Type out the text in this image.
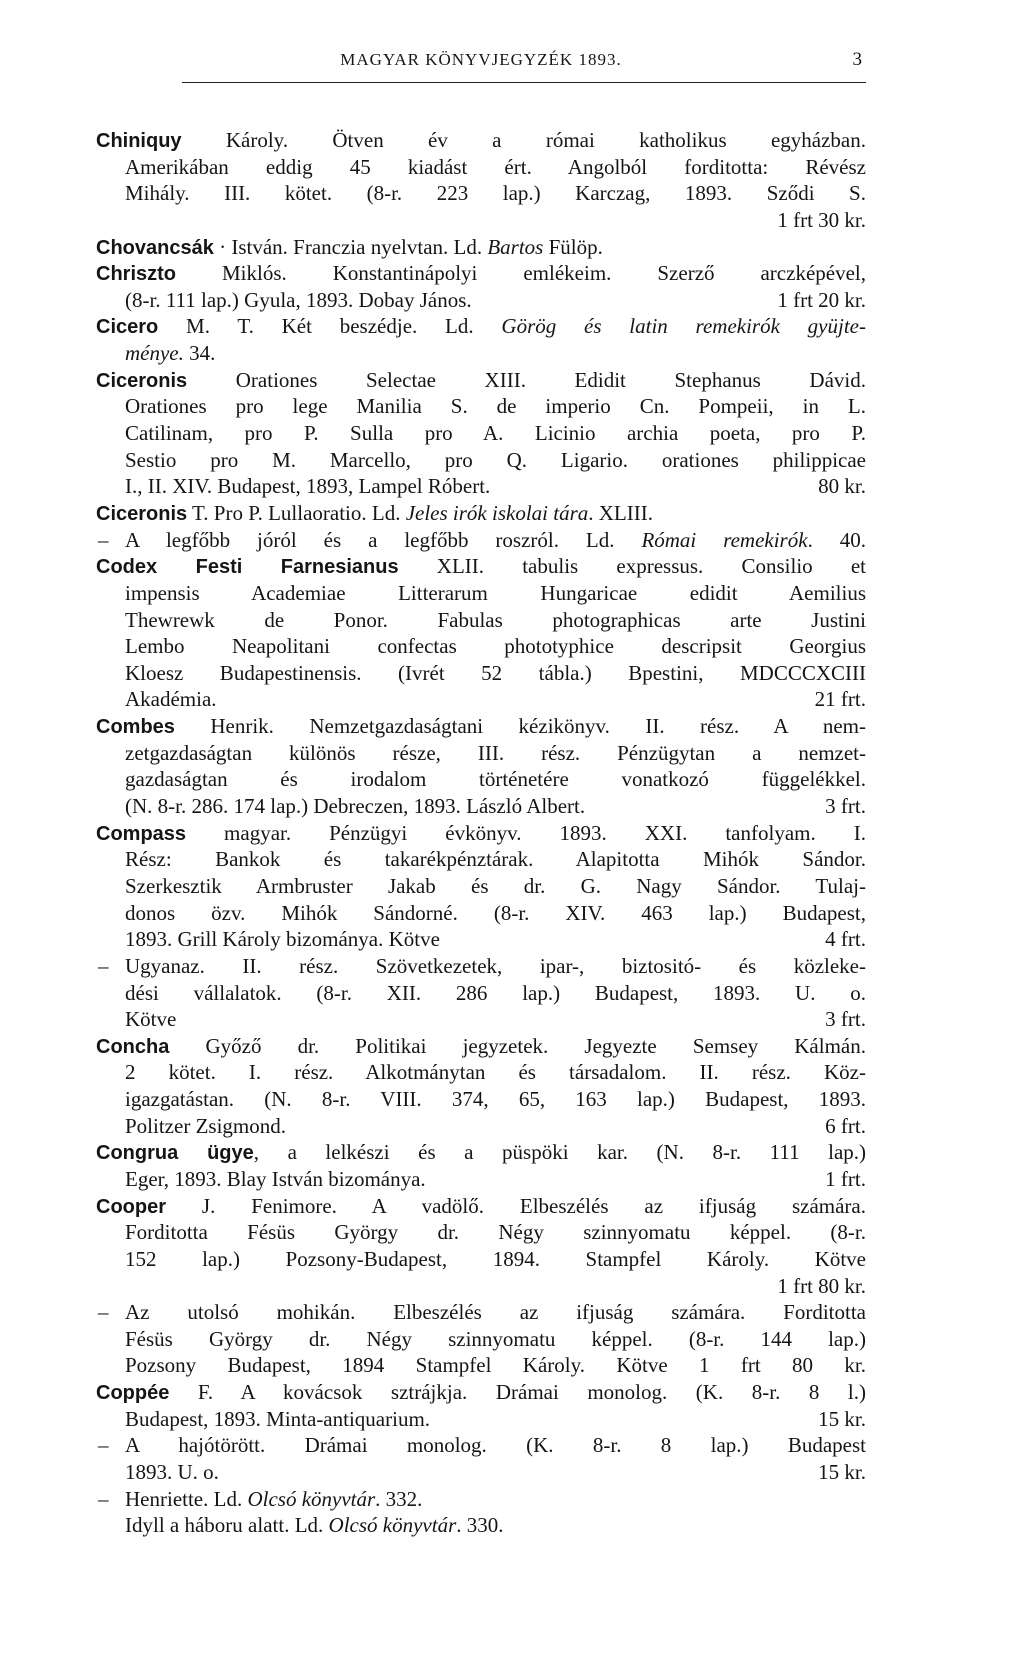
MAGYAR KÖNYVJEGYZÉK 1893.	3
Chiniquy Károly. Ötven év a római katholikus egyházban.
Amerikában eddig 45 kiadást ért. Angolból forditotta: Révész
Mihály. III. kötet. (8-r. 223 lap.) Karczag, 1893. Sződi S.
1 frt 30 kr.
Chovancsák · István. Franczia nyelvtan. Ld. Bartos Fülöp.
Chriszto Miklós. Konstantinápolyi emlékeim. Szerző arczképével,
(8-r. 111 lap.) Gyula, 1893. Dobay János.	1 frt 20 kr.
Cicero M. T. Két beszédje. Ld. Görög és latin remekirók gyüjte-
ménye. 34.
Ciceronis Orationes Selectae XIII. Edidit Stephanus Dávid.
Orationes pro lege Manilia S. de imperio Cn. Pompeii, in L.
Catilinam, pro P. Sulla pro A. Licinio archia poeta, pro P.
Sestio pro M. Marcello, pro Q. Ligario. orationes philippicae
I., II. XIV. Budapest, 1893, Lampel Róbert.	80 kr.
Ciceronis T. Pro P. Lullaoratio. Ld. Jeles irók iskolai tára. XLIII.
– A legfőbb jóról és a legfőbb roszról. Ld. Római remekirók. 40.
Codex Festi Farnesianus XLII. tabulis expressus. Consilio et
impensis Academiae Litterarum Hungaricae edidit Aemilius
Thewrewk de Ponor. Fabulas photographicas arte Justini
Lembo Neapolitani confectas phototyphice descripsit Georgius
Kloesz Budapestinensis. (Ivrét 52 tábla.) Bpestini, MDCCCXCIII
Akadémia.	21 frt.
Combes Henrik. Nemzetgazdaságtani kézikönyv. II. rész. A nem-
zetgazdaságtan különös része, III. rész. Pénzügytan a nemzet-
gazdaságtan és irodalom történetére vonatkozó függelékkel.
(N. 8-r. 286. 174 lap.) Debreczen, 1893. László Albert.	3 frt.
Compass magyar. Pénzügyi évkönyv. 1893. XXI. tanfolyam. I.
Rész: Bankok és takarékpénztárak. Alapitotta Mihók Sándor.
Szerkesztik Armbruster Jakab és dr. G. Nagy Sándor. Tulaj-
donos özv. Mihók Sándorné. (8-r. XIV. 463 lap.) Budapest,
1893. Grill Károly bizománya. Kötve	4 frt.
– Ugyanaz. II. rész. Szövetkezetek, ipar-, biztositó- és közleke-
dési vállalatok. (8-r. XII. 286 lap.) Budapest, 1893. U. o.
Kötve	3 frt.
Concha Győző dr. Politikai jegyzetek. Jegyezte Semsey Kálmán.
2 kötet. I. rész. Alkotmánytan és társadalom. II. rész. Köz-
igazgatástan. (N. 8-r. VIII. 374, 65, 163 lap.) Budapest, 1893.
Politzer Zsigmond.	6 frt.
Congrua ügye, a lelkészi és a püspöki kar. (N. 8-r. 111 lap.)
Eger, 1893. Blay István bizománya.	1 frt.
Cooper J. Fenimore. A vadölő. Elbeszélés az ifjuság számára.
Forditotta Fésüs György dr. Négy szinnyomatu képpel. (8-r.
152 lap.) Pozsony-Budapest, 1894. Stampfel Károly. Kötve
1 frt 80 kr.
– Az utolsó mohikán. Elbeszélés az ifjuság számára. Forditotta
Fésüs György dr. Négy szinnyomatu képpel. (8-r. 144 lap.)
Pozsony Budapest, 1894 Stampfel Károly. Kötve 1 frt 80 kr.
Coppée F. A kovácsok sztrájkja. Drámai monolog. (K. 8-r. 8 l.)
Budapest, 1893. Minta-antiquarium.	15 kr.
– A hajótörött. Drámai monolog. (K. 8-r. 8 lap.) Budapest
1893. U. o.	15 kr.
– Henriette. Ld. Olcsó könyvtár. 332.
Idyll a háboru alatt. Ld. Olcsó könyvtár. 330.
